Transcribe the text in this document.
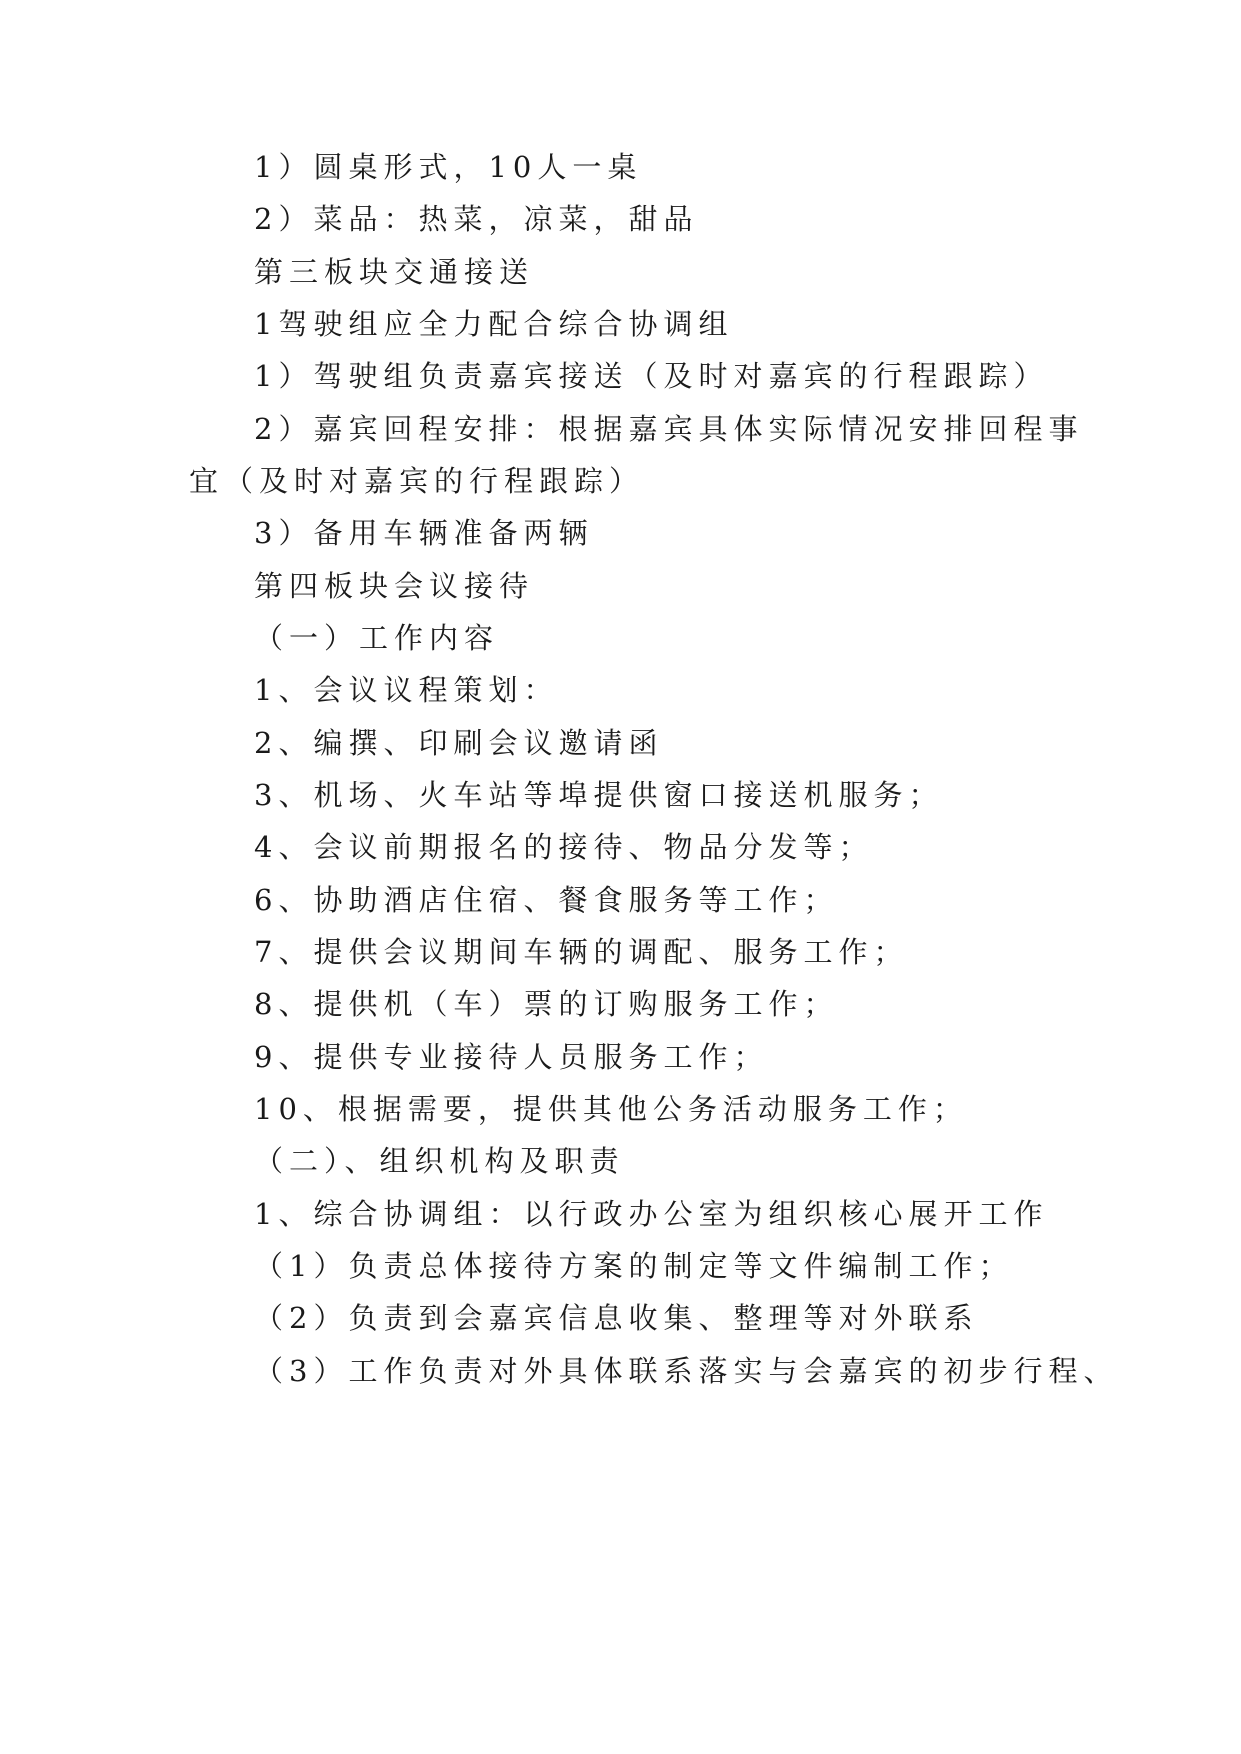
1）圆桌形式，10人一桌
2）菜品：热菜，凉菜，甜品
第三板块交通接送
1驾驶组应全力配合综合协调组
1）驾驶组负责嘉宾接送（及时对嘉宾的行程跟踪）
2）嘉宾回程安排：根据嘉宾具体实际情况安排回程事
宜（及时对嘉宾的行程跟踪）
3）备用车辆准备两辆
第四板块会议接待
（一）工作内容
1、会议议程策划：
2、编撰、印刷会议邀请函
3、机场、火车站等埠提供窗口接送机服务；
4、会议前期报名的接待、物品分发等；
6、协助酒店住宿、餐食服务等工作；
7、提供会议期间车辆的调配、服务工作；
8、提供机（车）票的订购服务工作；
9、提供专业接待人员服务工作；
10、根据需要，提供其他公务活动服务工作；
（二）、组织机构及职责
1、综合协调组：以行政办公室为组织核心展开工作
（1）负责总体接待方案的制定等文件编制工作；
（2）负责到会嘉宾信息收集、整理等对外联系
（3）工作负责对外具体联系落实与会嘉宾的初步行程、
